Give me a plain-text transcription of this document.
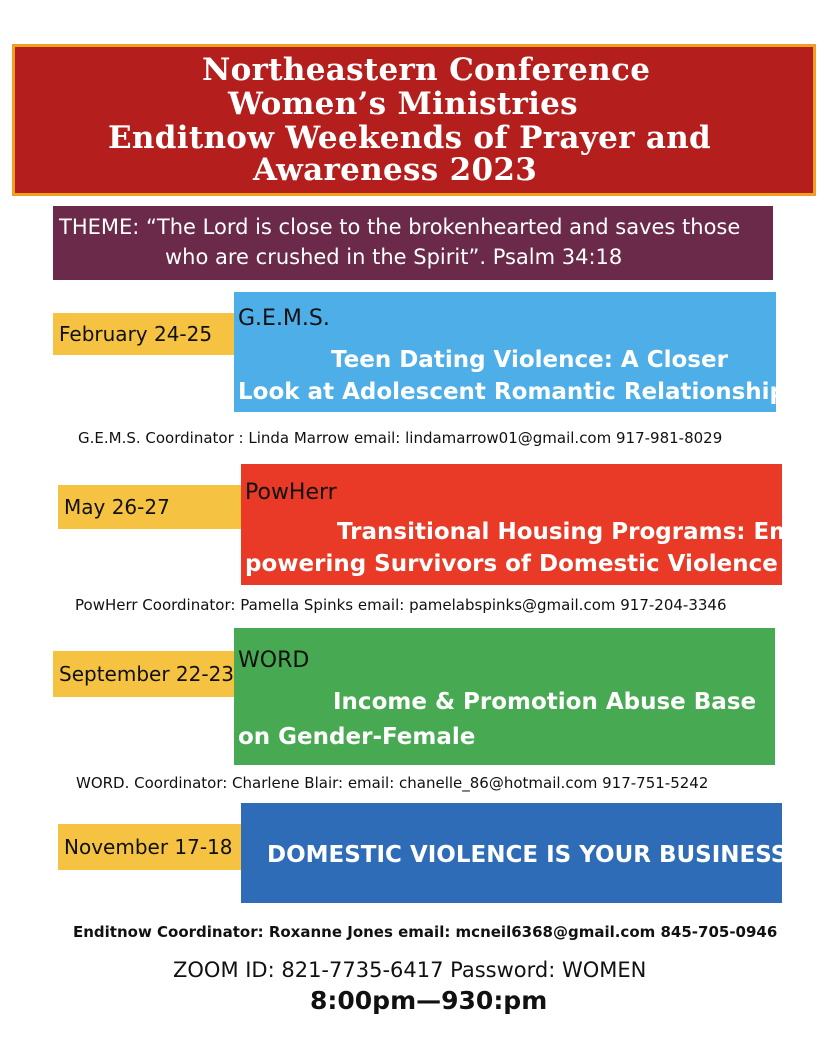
Northeastern Conference
Women’s Ministries
Enditnow Weekends of Prayer and
Awareness 2023
THEME: “The Lord is close to the brokenhearted and saves those
who are crushed in the Spirit”. Psalm 34:18
February 24-25
G.E.M.S.
Teen Dating Violence: A Closer
Look at Adolescent Romantic Relationships
G.E.M.S. Coordinator : Linda Marrow email: lindamarrow01@gmail.com 917-981-8029
May 26-27
PowHerr
Transitional Housing Programs: Em-
powering Survivors of Domestic Violence
PowHerr Coordinator: Pamella Spinks email: pamelabspinks@gmail.com 917-204-3346
September 22-23
WORD
Income & Promotion Abuse Base
on Gender-Female
WORD. Coordinator: Charlene Blair: email: chanelle_86@hotmail.com 917-751-5242
November 17-18	DOMESTIC VIOLENCE IS YOUR BUSINESS
Enditnow Coordinator: Roxanne Jones email: mcneil6368@gmail.com 845-705-0946
ZOOM ID: 821-7735-6417 Password: WOMEN
8:00pm—930:pm
